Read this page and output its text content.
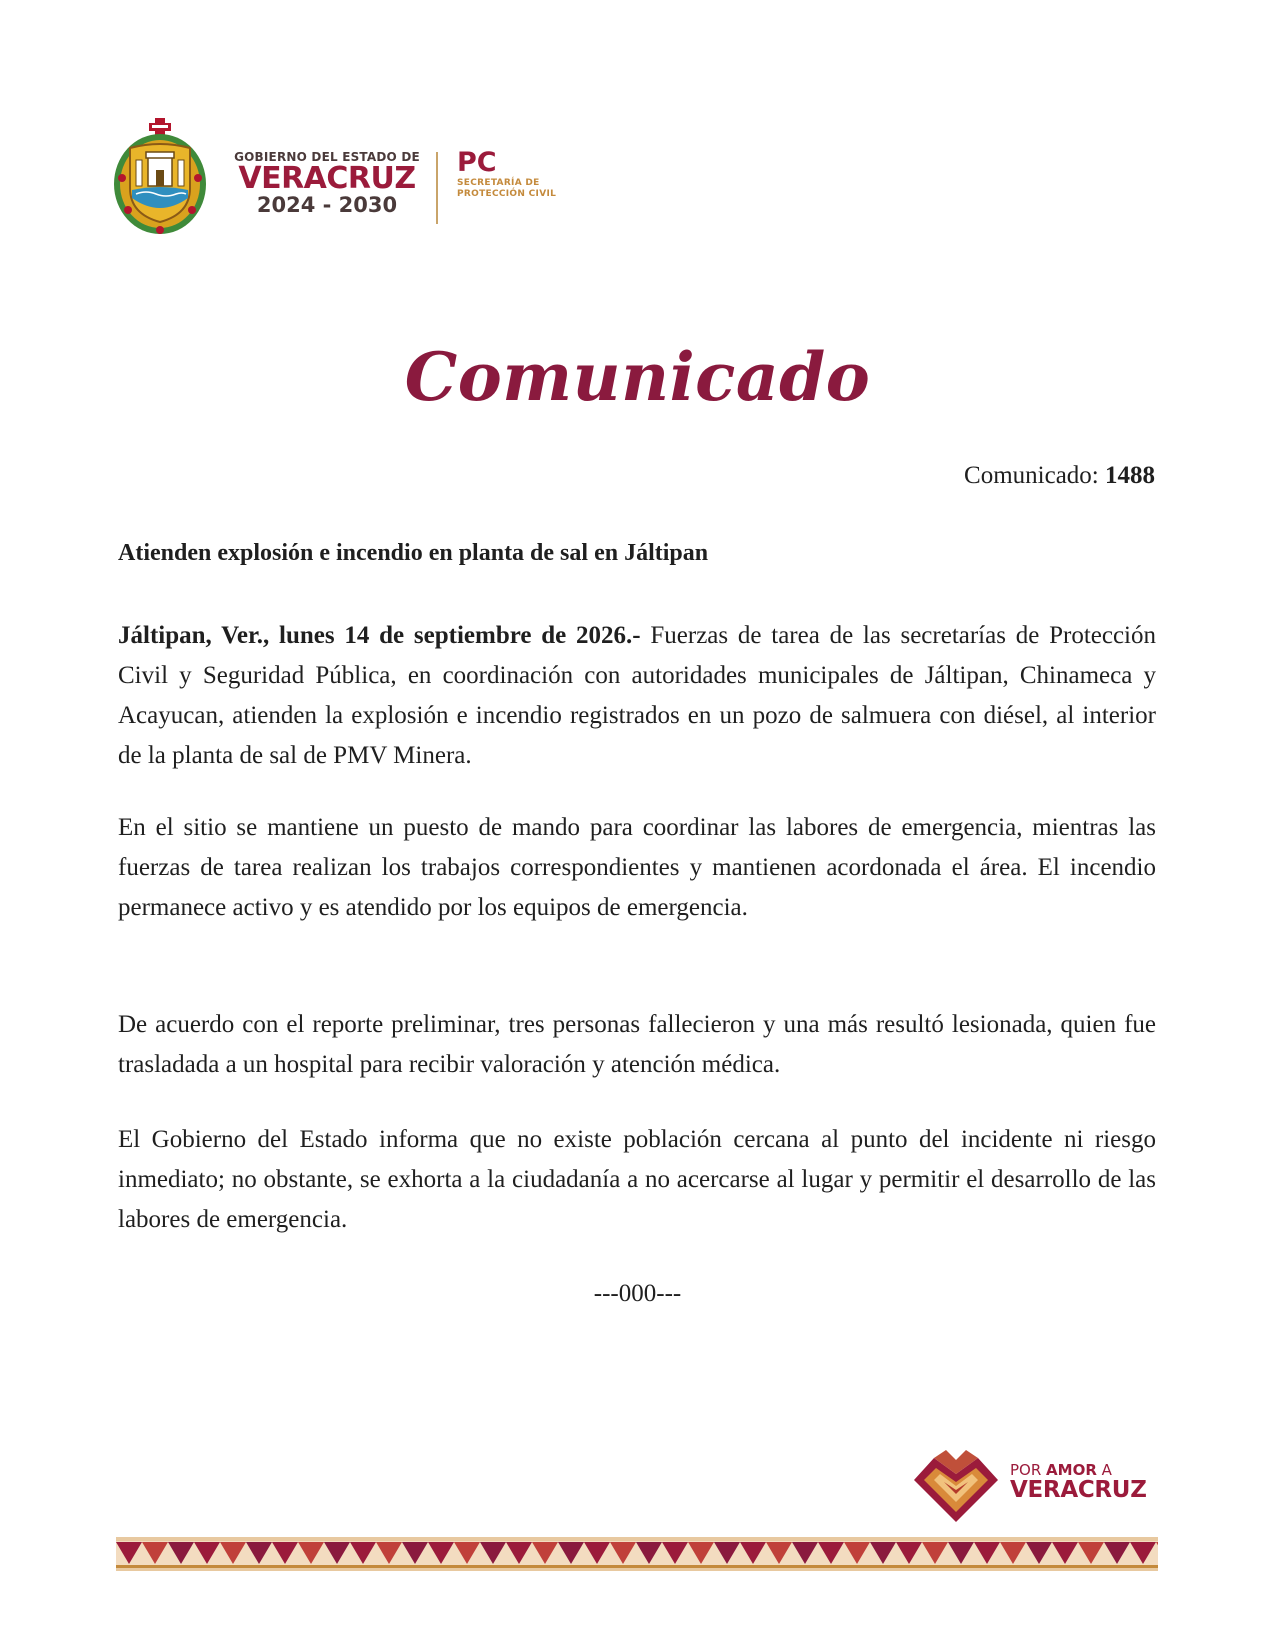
GOBIERNO DEL ESTADO DE
VERACRUZ
2024 - 2030
PC
SECRETARÍA DE
PROTECCIÓN CIVIL
Comunicado
Comunicado: 1488
Atienden explosión e incendio en planta de sal en Jáltipan

Jáltipan, Ver., lunes 14 de septiembre de 2026.- Fuerzas de tarea de las secretarías de Protección Civil y Seguridad Pública, en coordinación con autoridades municipales de Jáltipan, Chinameca y Acayucan, atienden la explosión e incendio registrados en un pozo de salmuera con diésel, al interior de la planta de sal de PMV Minera.

En el sitio se mantiene un puesto de mando para coordinar las labores de emergencia, mientras las fuerzas de tarea realizan los trabajos correspondientes y mantienen acordonada el área. El incendio permanece activo y es atendido por los equipos de emergencia.

De acuerdo con el reporte preliminar, tres personas fallecieron y una más resultó lesionada, quien fue trasladada a un hospital para recibir valoración y atención médica.

El Gobierno del Estado informa que no existe población cercana al punto del incidente ni riesgo inmediato; no obstante, se exhorta a la ciudadanía a no acercarse al lugar y permitir el desarrollo de las labores de emergencia.

---000---
POR AMOR A
VERACRUZ
